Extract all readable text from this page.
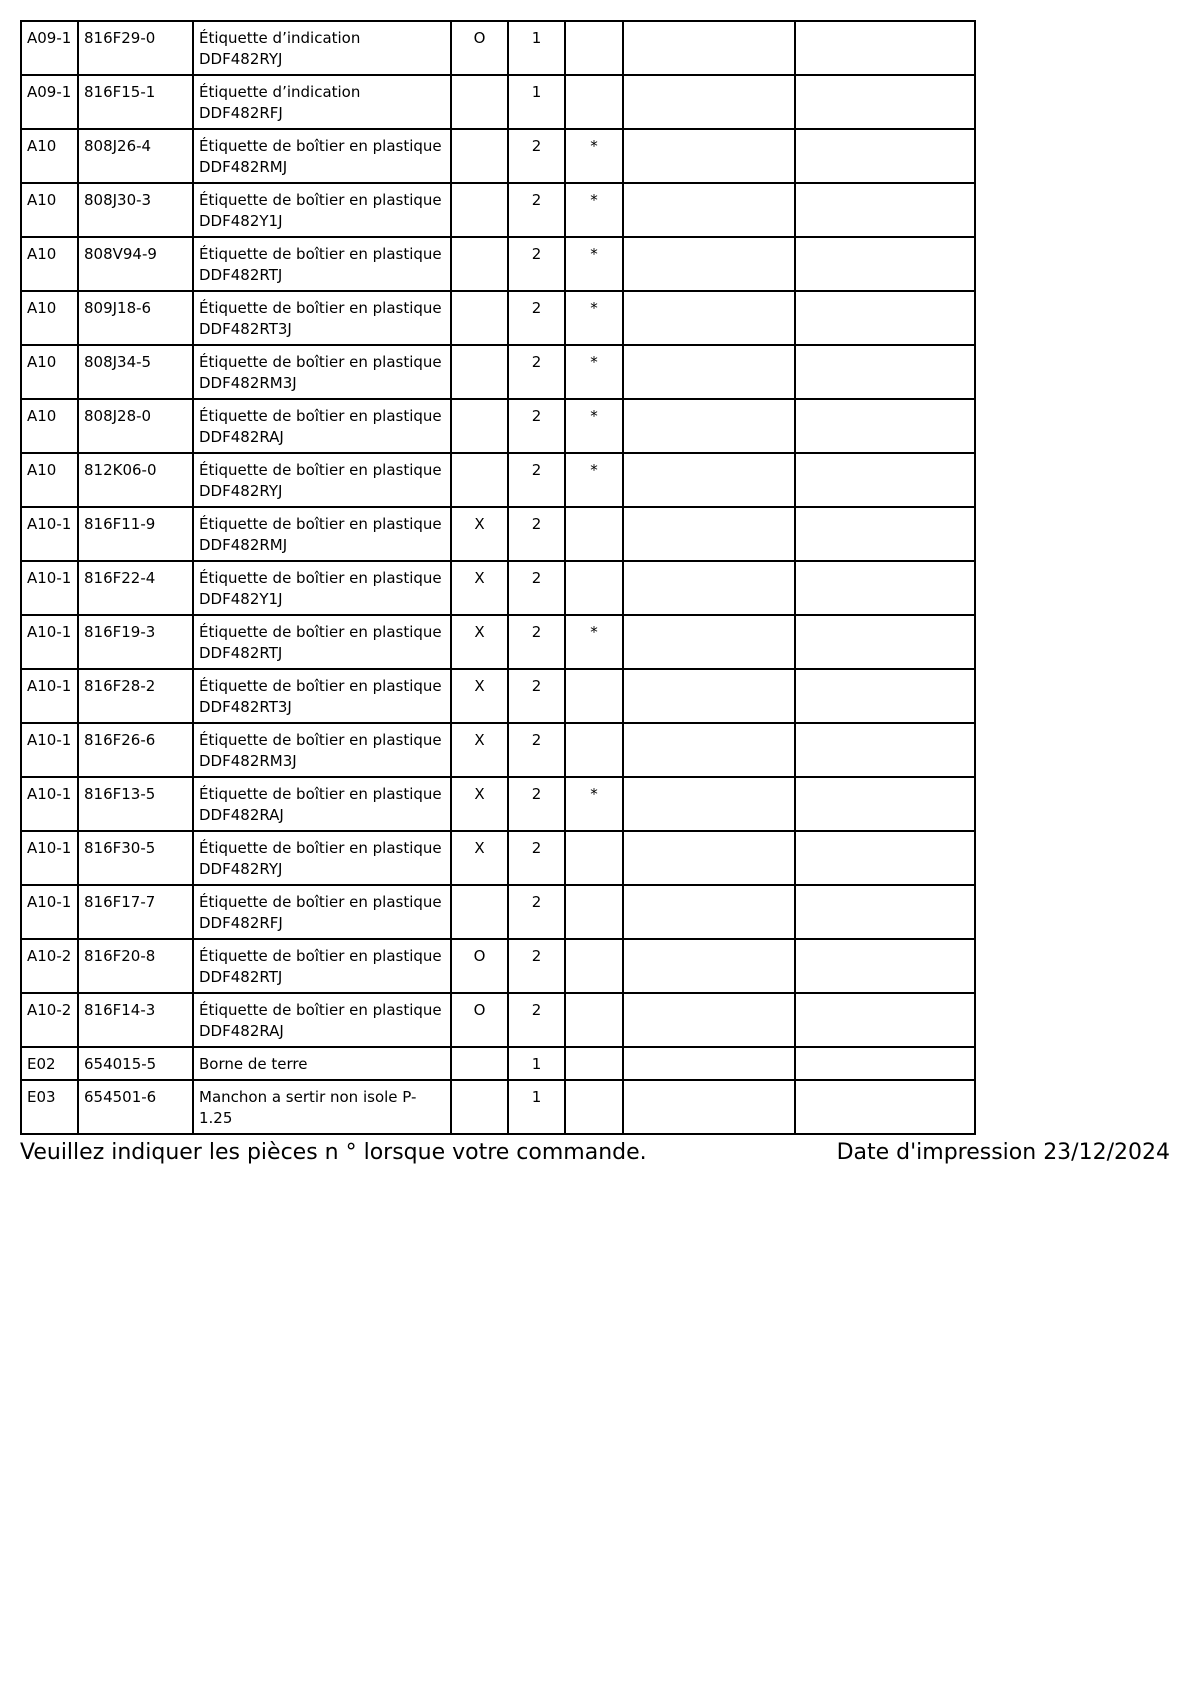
A09-1	816F29-0	Étiquette d’indication DDF482RYJ	O	1			
A09-1	816F15-1	Étiquette d’indication DDF482RFJ		1			
A10	808J26-4	Étiquette de boîtier en plastique DDF482RMJ		2	*		
A10	808J30-3	Étiquette de boîtier en plastique DDF482Y1J		2	*		
A10	808V94-9	Étiquette de boîtier en plastique DDF482RTJ		2	*		
A10	809J18-6	Étiquette de boîtier en plastique DDF482RT3J		2	*		
A10	808J34-5	Étiquette de boîtier en plastique DDF482RM3J		2	*		
A10	808J28-0	Étiquette de boîtier en plastique DDF482RAJ		2	*		
A10	812K06-0	Étiquette de boîtier en plastique DDF482RYJ		2	*		
A10-1	816F11-9	Étiquette de boîtier en plastique DDF482RMJ	X	2			
A10-1	816F22-4	Étiquette de boîtier en plastique DDF482Y1J	X	2			
A10-1	816F19-3	Étiquette de boîtier en plastique DDF482RTJ	X	2	*		
A10-1	816F28-2	Étiquette de boîtier en plastique DDF482RT3J	X	2			
A10-1	816F26-6	Étiquette de boîtier en plastique DDF482RM3J	X	2			
A10-1	816F13-5	Étiquette de boîtier en plastique DDF482RAJ	X	2	*		
A10-1	816F30-5	Étiquette de boîtier en plastique DDF482RYJ	X	2			
A10-1	816F17-7	Étiquette de boîtier en plastique DDF482RFJ		2			
A10-2	816F20-8	Étiquette de boîtier en plastique DDF482RTJ	O	2			
A10-2	816F14-3	Étiquette de boîtier en plastique DDF482RAJ	O	2			
E02	654015-5	Borne de terre		1			
E03	654501-6	Manchon a sertir non isole P-1.25		1			
Veuillez indiquer les pièces n ° lorsque votre commande.	Date d'impression 23/12/2024
